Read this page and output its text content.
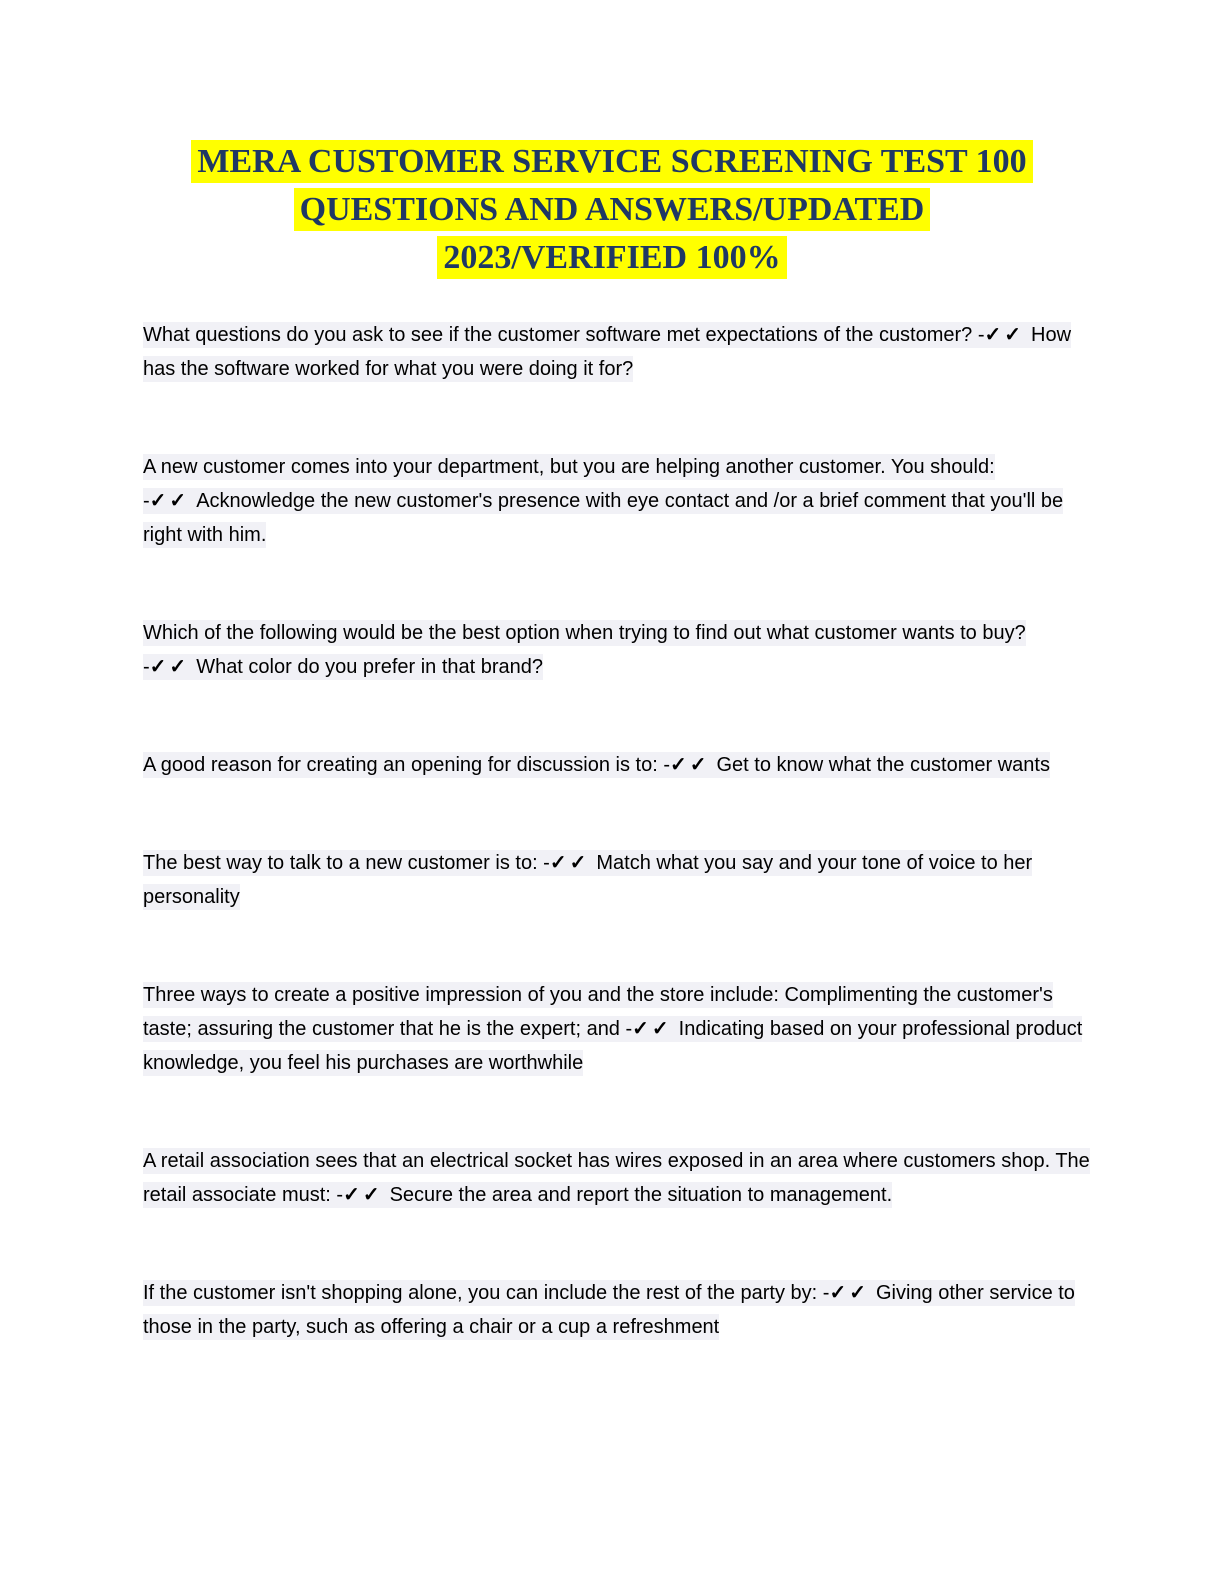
MERA CUSTOMER SERVICE SCREENING TEST 100
QUESTIONS AND ANSWERS/UPDATED
2023/VERIFIED 100%

What questions do you ask to see if the customer software met expectations of the customer? -✓✓ How has the software worked for what you were doing it for?

A new customer comes into your department, but you are helping another customer. You should: -✓✓ Acknowledge the new customer's presence with eye contact and /or a brief comment that you'll be right with him.

Which of the following would be the best option when trying to find out what customer wants to buy? -✓✓ What color do you prefer in that brand?

A good reason for creating an opening for discussion is to: -✓✓ Get to know what the customer wants

The best way to talk to a new customer is to: -✓✓ Match what you say and your tone of voice to her personality

Three ways to create a positive impression of you and the store include: Complimenting the customer's taste; assuring the customer that he is the expert; and -✓✓ Indicating based on your professional product knowledge, you feel his purchases are worthwhile

A retail association sees that an electrical socket has wires exposed in an area where customers shop. The retail associate must: -✓✓ Secure the area and report the situation to management.

If the customer isn't shopping alone, you can include the rest of the party by: -✓✓ Giving other service to those in the party, such as offering a chair or a cup a refreshment
